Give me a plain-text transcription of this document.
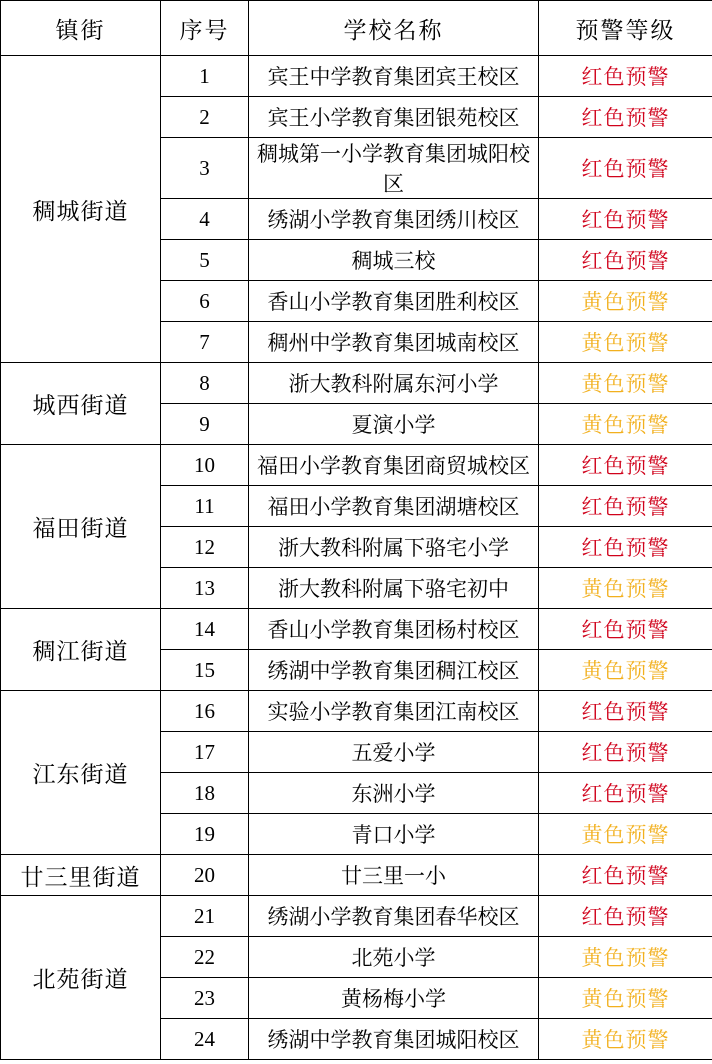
镇街	序号	学校名称	预警等级
稠城街道	1	宾王中学教育集团宾王校区	红色预警
	2	宾王小学教育集团银苑校区	红色预警
	3	稠城第一小学教育集团城阳校区	红色预警
	4	绣湖小学教育集团绣川校区	红色预警
	5	稠城三校	红色预警
	6	香山小学教育集团胜利校区	黄色预警
	7	稠州中学教育集团城南校区	黄色预警
城西街道	8	浙大教科附属东河小学	黄色预警
	9	夏演小学	黄色预警
福田街道	10	福田小学教育集团商贸城校区	红色预警
	11	福田小学教育集团湖塘校区	红色预警
	12	浙大教科附属下骆宅小学	红色预警
	13	浙大教科附属下骆宅初中	黄色预警
稠江街道	14	香山小学教育集团杨村校区	红色预警
	15	绣湖中学教育集团稠江校区	黄色预警
江东街道	16	实验小学教育集团江南校区	红色预警
	17	五爱小学	红色预警
	18	东洲小学	红色预警
	19	青口小学	黄色预警
廿三里街道	20	廿三里一小	红色预警
北苑街道	21	绣湖小学教育集团春华校区	红色预警
	22	北苑小学	黄色预警
	23	黄杨梅小学	黄色预警
	24	绣湖中学教育集团城阳校区	黄色预警
